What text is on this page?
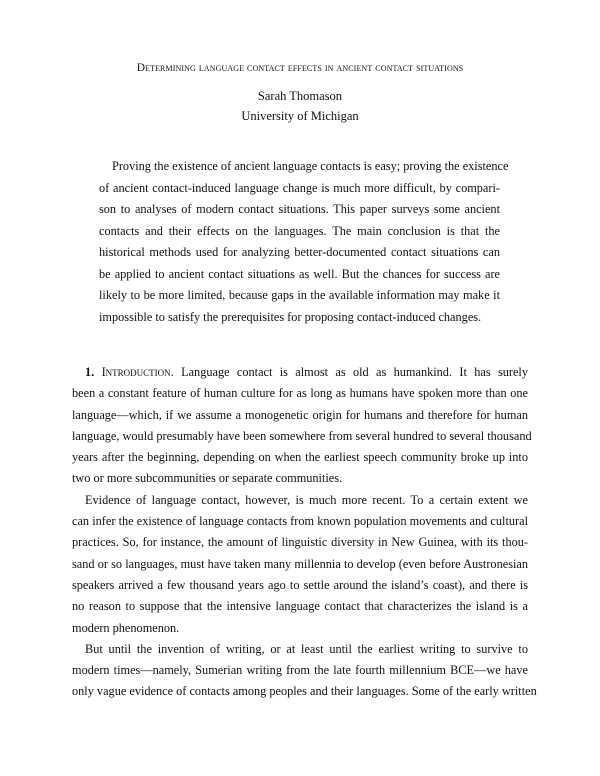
Determining language contact effects in ancient contact situations
Sarah Thomason
University of Michigan
Proving the existence of ancient language contacts is easy; proving the existence
of ancient contact-induced language change is much more difficult, by compari-
son to analyses of modern contact situations. This paper surveys some ancient
contacts and their effects on the languages. The main conclusion is that the
historical methods used for analyzing better-documented contact situations can
be applied to ancient contact situations as well. But the chances for success are
likely to be more limited, because gaps in the available information may make it
impossible to satisfy the prerequisites for proposing contact-induced changes.
1. Introduction. Language contact is almost as old as humankind. It has surely
been a constant feature of human culture for as long as humans have spoken more than one
language—which, if we assume a monogenetic origin for humans and therefore for human
language, would presumably have been somewhere from several hundred to several thousand
years after the beginning, depending on when the earliest speech community broke up into
two or more subcommunities or separate communities.
Evidence of language contact, however, is much more recent. To a certain extent we
can infer the existence of language contacts from known population movements and cultural
practices. So, for instance, the amount of linguistic diversity in New Guinea, with its thou-
sand or so languages, must have taken many millennia to develop (even before Austronesian
speakers arrived a few thousand years ago to settle around the island’s coast), and there is
no reason to suppose that the intensive language contact that characterizes the island is a
modern phenomenon.
But until the invention of writing, or at least until the earliest writing to survive to
modern times—namely, Sumerian writing from the late fourth millennium BCE—we have
only vague evidence of contacts among peoples and their languages. Some of the early written
